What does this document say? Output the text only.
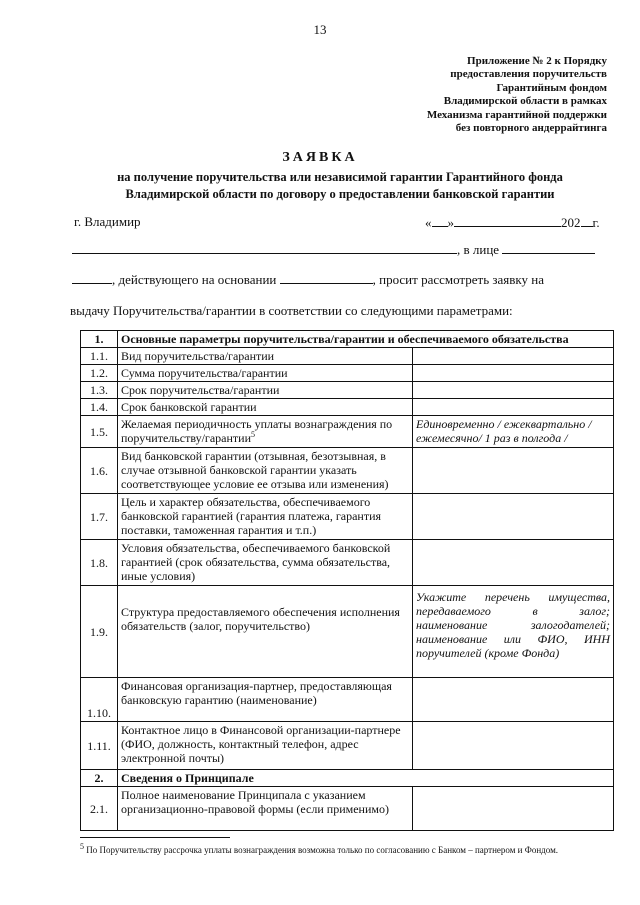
13
Приложение № 2 к Порядку
предоставления поручительств
Гарантийным фондом
Владимирской области в рамках
Механизма гарантийной поддержки
без повторного андеррайтинга
ЗАЯВКА
на получение поручительства или независимой гарантии Гарантийного фонда
Владимирской области по договору о предоставлении банковской гарантии
г. Владимир	« »	202 г.
, в лице
, действующего на основании	, просит рассмотреть заявку на
выдачу Поручительства/гарантии в соответствии со следующими параметрами:
1.	Основные параметры поручительства/гарантии и обеспечиваемого обязательства	
1.1.	Вид поручительства/гарантии	
1.2.	Сумма поручительства/гарантии	
1.3.	Срок поручительства/гарантии	
1.4.	Срок банковской гарантии	
1.5.	Желаемая периодичность уплаты вознаграждения по поручительству/гарантии$^5$	Единовременно / ежеквартально / ежемесячно/ 1 раз в полгода /
1.6.	Вид банковской гарантии (отзывная, безотзывная, в случае отзывной банковской гарантии указать соответствующее условие ее отзыва или изменения)	
1.7.	Цель и характер обязательства, обеспечиваемого банковской гарантией (гарантия платежа, гарантия поставки, таможенная гарантия и т.п.)	
1.8.	Условия обязательства, обеспечиваемого банковской гарантией (срок обязательства, сумма обязательства, иные условия)	
1.9.	Структура предоставляемого обеспечения исполнения обязательств (залог, поручительство)	Укажите перечень имущества,
передаваемого в залог;
наименование залогодателей;
наименование или ФИО, ИНН
поручителей (кроме Фонда)

1.10.	Финансовая организация-партнер, предоставляющая банковскую гарантию (наименование)	
1.11.	Контактное лицо в Финансовой организации-партнере (ФИО, должность, контактный телефон, адрес электронной почты)	
2.	Сведения о Принципале	
2.1.	Полное наименование Принципала с указанием организационно-правовой формы (если применимо)	
$^5$ По Поручительству рассрочка уплаты вознаграждения возможна только по согласованию с Банком – партнером и Фондом.
